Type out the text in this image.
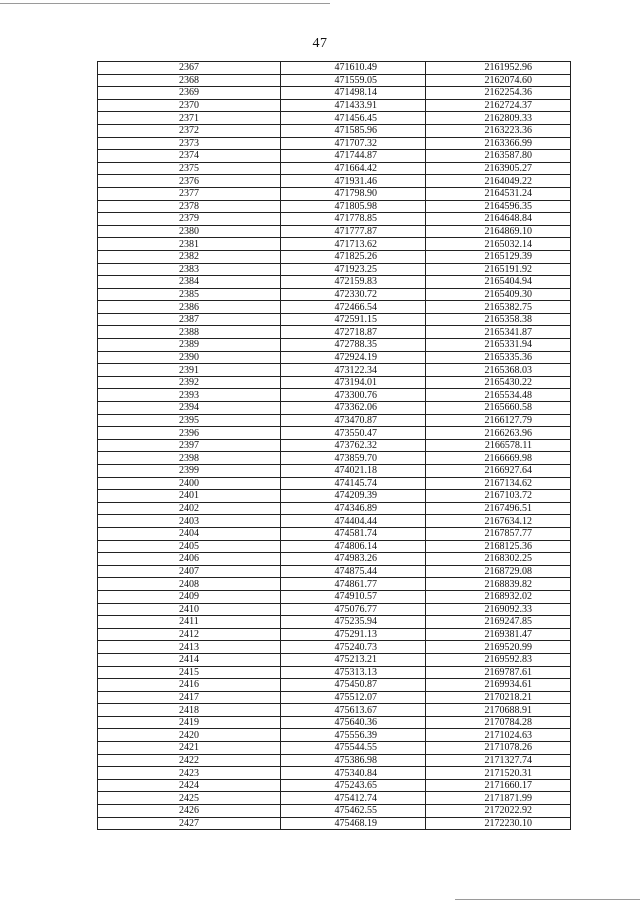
47
2367	471610.49	2161952.96
2368	471559.05	2162074.60
2369	471498.14	2162254.36
2370	471433.91	2162724.37
2371	471456.45	2162809.33
2372	471585.96	2163223.36
2373	471707.32	2163366.99
2374	471744.87	2163587.80
2375	471664.42	2163905.27
2376	471931.46	2164049.22
2377	471798.90	2164531.24
2378	471805.98	2164596.35
2379	471778.85	2164648.84
2380	471777.87	2164869.10
2381	471713.62	2165032.14
2382	471825.26	2165129.39
2383	471923.25	2165191.92
2384	472159.83	2165404.94
2385	472330.72	2165409.30
2386	472466.54	2165382.75
2387	472591.15	2165358.38
2388	472718.87	2165341.87
2389	472788.35	2165331.94
2390	472924.19	2165335.36
2391	473122.34	2165368.03
2392	473194.01	2165430.22
2393	473300.76	2165534.48
2394	473362.06	2165660.58
2395	473470.87	2166127.79
2396	473550.47	2166263.96
2397	473762.32	2166578.11
2398	473859.70	2166669.98
2399	474021.18	2166927.64
2400	474145.74	2167134.62
2401	474209.39	2167103.72
2402	474346.89	2167496.51
2403	474404.44	2167634.12
2404	474581.74	2167857.77
2405	474806.14	2168125.36
2406	474983.26	2168302.25
2407	474875.44	2168729.08
2408	474861.77	2168839.82
2409	474910.57	2168932.02
2410	475076.77	2169092.33
2411	475235.94	2169247.85
2412	475291.13	2169381.47
2413	475240.73	2169520.99
2414	475213.21	2169592.83
2415	475313.13	2169787.61
2416	475450.87	2169934.61
2417	475512.07	2170218.21
2418	475613.67	2170688.91
2419	475640.36	2170784.28
2420	475556.39	2171024.63
2421	475544.55	2171078.26
2422	475386.98	2171327.74
2423	475340.84	2171520.31
2424	475243.65	2171660.17
2425	475412.74	2171871.99
2426	475462.55	2172022.92
2427	475468.19	2172230.10
